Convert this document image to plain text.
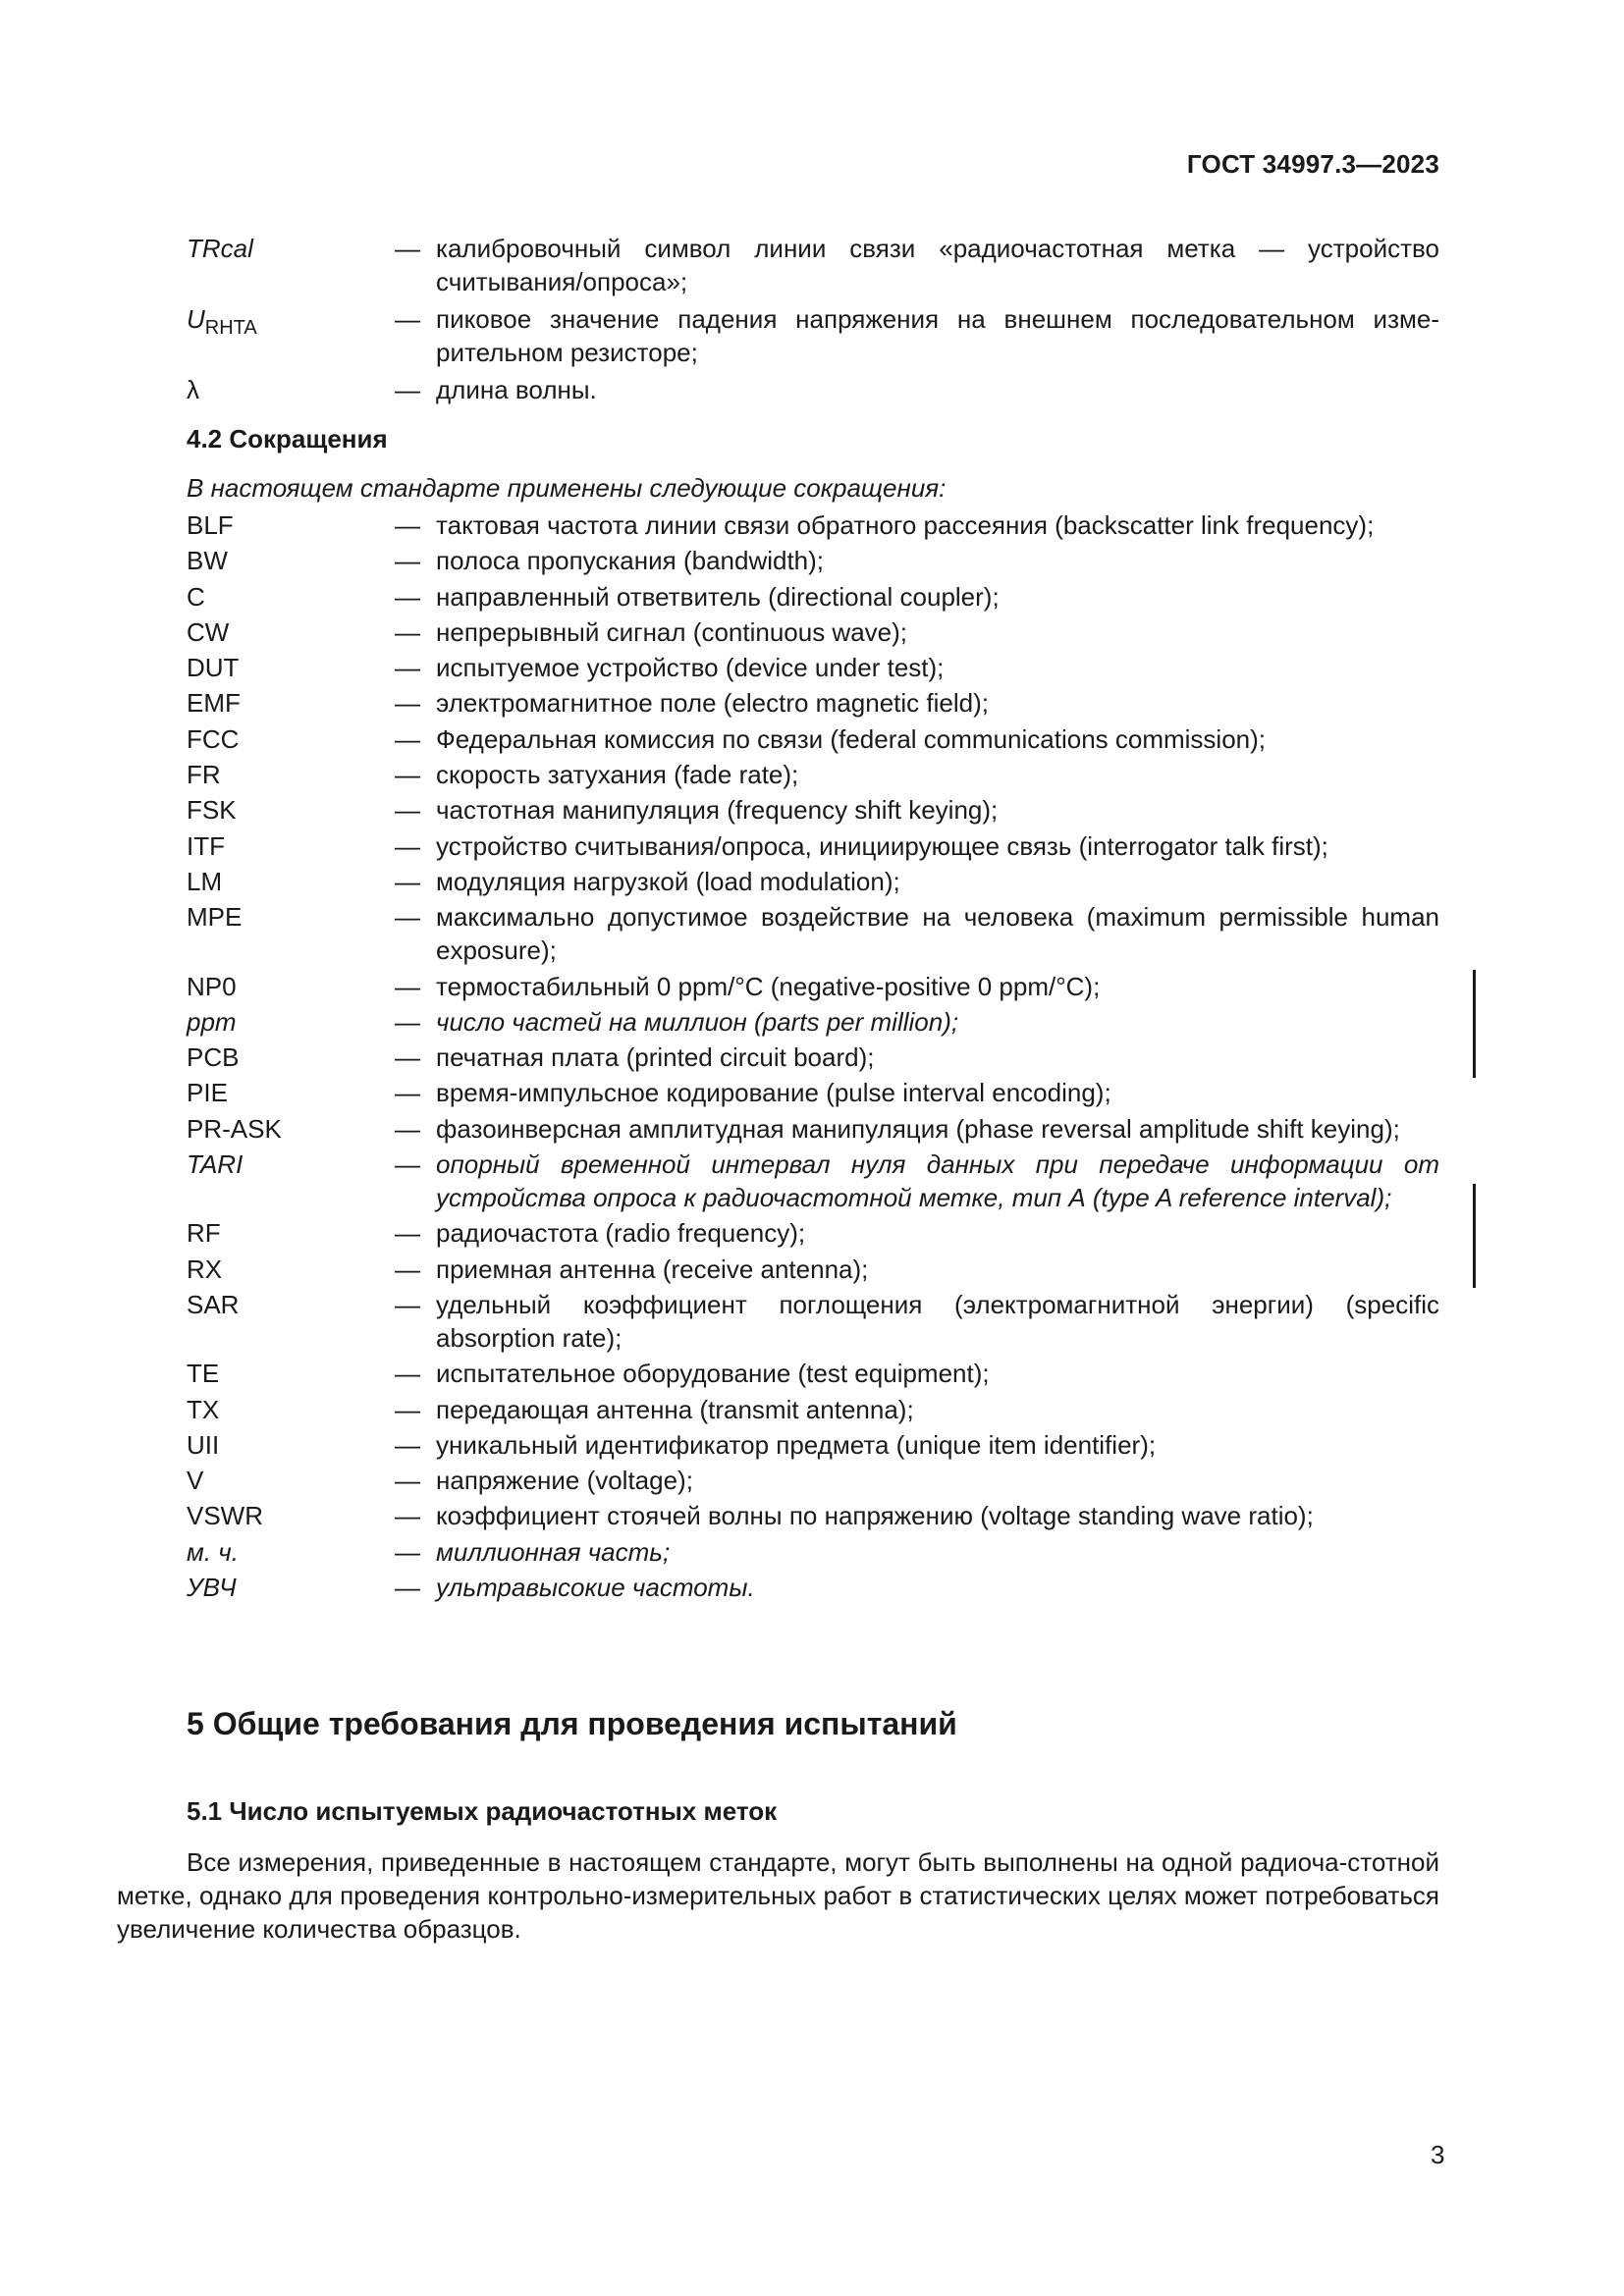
ГОСТ 34997.3—2023
TRcal	— калибровочный символ линии связи «радиочастотная метка — устройство считывания/опроса»;
$U_{RHTA}$	— пиковое значение падения напряжения на внешнем последовательном изме-рительном резисторе;
λ	— длина волны.
4.2 Сокращения
В настоящем стандарте применены следующие сокращения:
BLF	— тактовая частота линии связи обратного рассеяния (backscatter link frequency);
BW	— полоса пропускания (bandwidth);
C	— направленный ответвитель (directional coupler);
CW	— непрерывный сигнал (continuous wave);
DUT	— испытуемое устройство (device under test);
EMF	— электромагнитное поле (electro magnetic field);
FCC	— Федеральная комиссия по связи (federal communications commission);
FR	— скорость затухания (fade rate);
FSK	— частотная манипуляция (frequency shift keying);
ITF	— устройство считывания/опроса, инициирующее связь (interrogator talk first);
LM	— модуляция нагрузкой (load modulation);
MPE	— максимально допустимое воздействие на человека (maximum permissible human exposure);
NP0	— термостабильный 0 ppm/°C (negative-positive 0 ppm/°C);
ppm	— число частей на миллион (parts per million);
PCB	— печатная плата (printed circuit board);
PIE	— время-импульсное кодирование (pulse interval encoding);
PR-ASK	— фазоинверсная амплитудная манипуляция (phase reversal amplitude shift keying);
TARI	— опорный временной интервал нуля данных при передаче информации от устройства опроса к радиочастотной метке, тип А (type A reference interval);
RF	— радиочастота (radio frequency);
RX	— приемная антенна (receive antenna);
SAR	— удельный коэффициент поглощения (электромагнитной энергии) (specific absorption rate);
TE	— испытательное оборудование (test equipment);
TX	— передающая антенна (transmit antenna);
UII	— уникальный идентификатор предмета (unique item identifier);
V	— напряжение (voltage);
VSWR	— коэффициент стоячей волны по напряжению (voltage standing wave ratio);
м. ч.	— миллионная часть;
УВЧ	— ультравысокие частоты.
5 Общие требования для проведения испытаний
5.1 Число испытуемых радиочастотных меток
Все измерения, приведенные в настоящем стандарте, могут быть выполнены на одной радиоча-стотной метке, однако для проведения контрольно-измерительных работ в статистических целях может потребоваться увеличение количества образцов.
3
